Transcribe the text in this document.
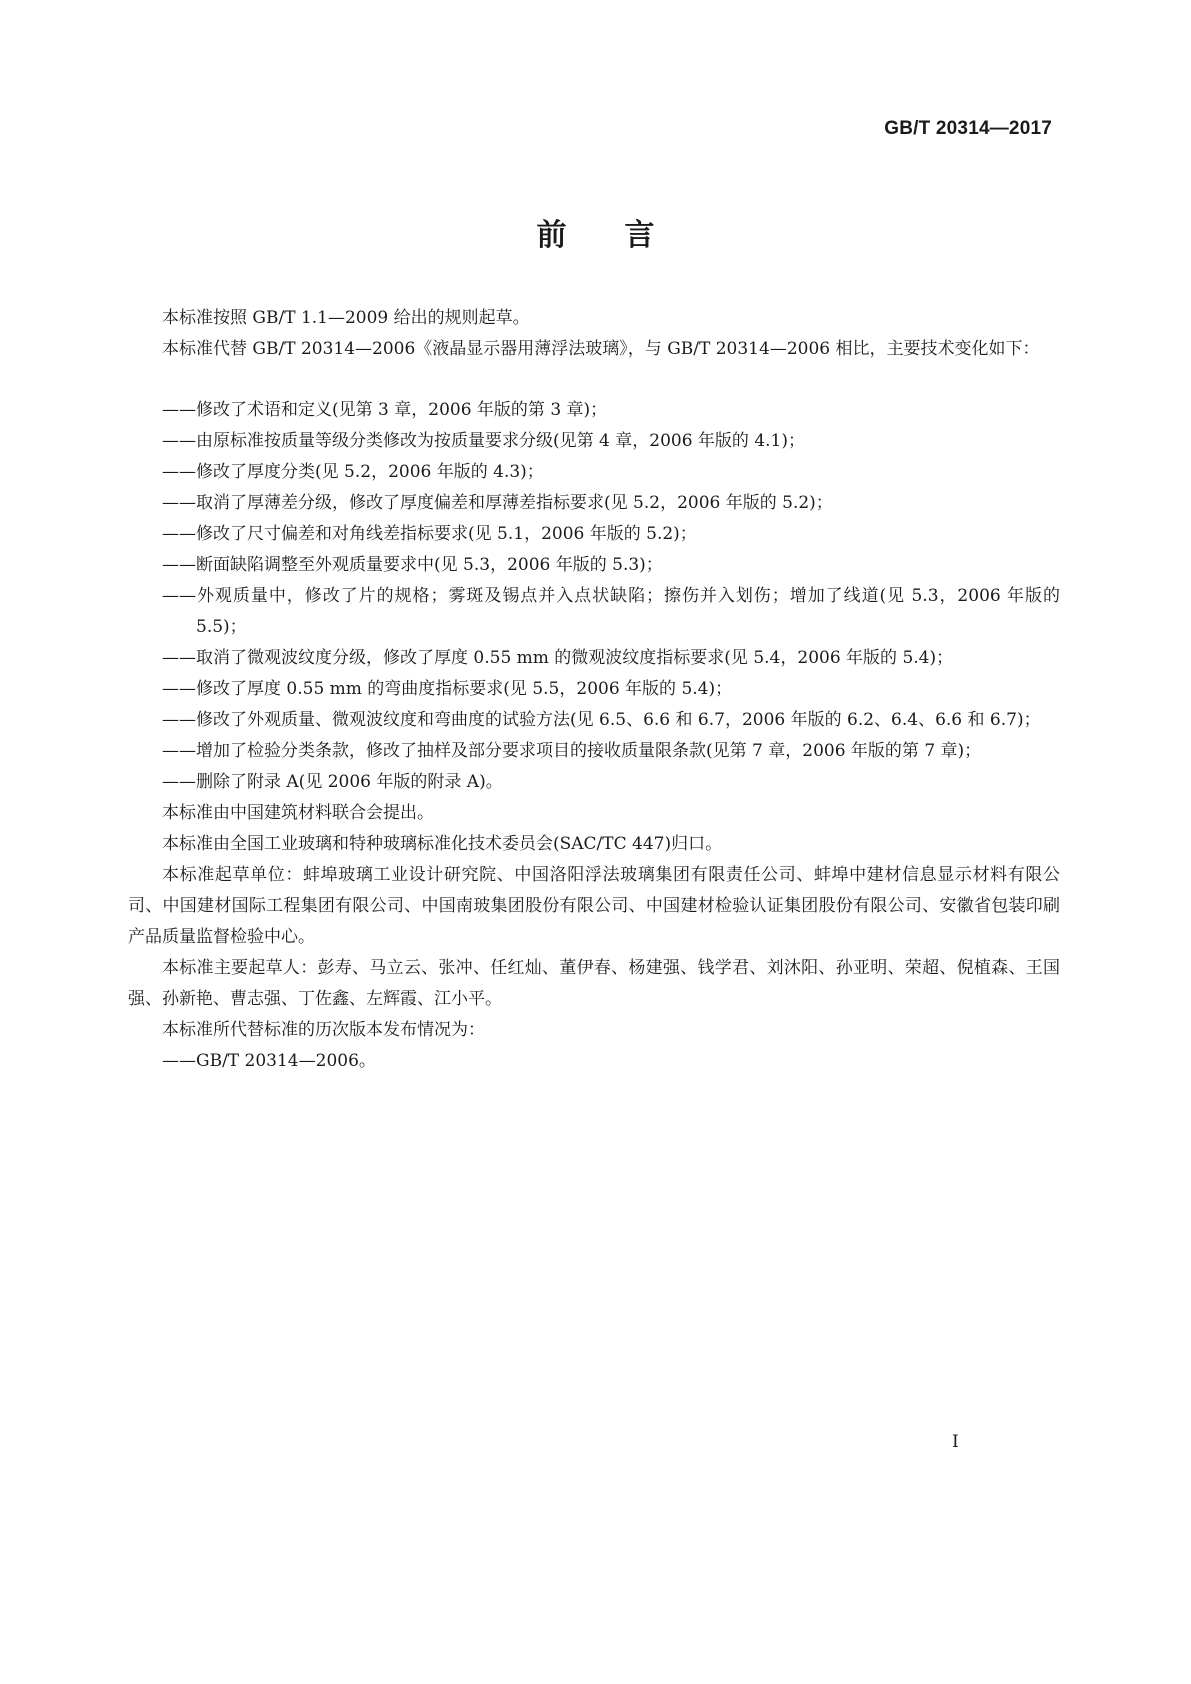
GB/T 20314—2017
前言

本标准按照 GB/T 1.1—2009 给出的规则起草。

本标准代替 GB/T 20314—2006《液晶显示器用薄浮法玻璃》，与 GB/T 20314—2006 相比，主要技术变化如下：

——修改了术语和定义(见第 3 章，2006 年版的第 3 章)；

——由原标准按质量等级分类修改为按质量要求分级(见第 4 章，2006 年版的 4.1)；

——修改了厚度分类(见 5.2，2006 年版的 4.3)；

——取消了厚薄差分级，修改了厚度偏差和厚薄差指标要求(见 5.2，2006 年版的 5.2)；

——修改了尺寸偏差和对角线差指标要求(见 5.1，2006 年版的 5.2)；

——断面缺陷调整至外观质量要求中(见 5.3，2006 年版的 5.3)；

——外观质量中，修改了片的规格；雾斑及锡点并入点状缺陷；擦伤并入划伤；增加了线道(见 5.3，2006 年版的 5.5)；

——取消了微观波纹度分级，修改了厚度 0.55 mm 的微观波纹度指标要求(见 5.4，2006 年版的 5.4)；

——修改了厚度 0.55 mm 的弯曲度指标要求(见 5.5，2006 年版的 5.4)；

——修改了外观质量、微观波纹度和弯曲度的试验方法(见 6.5、6.6 和 6.7，2006 年版的 6.2、6.4、6.6 和 6.7)；

——增加了检验分类条款，修改了抽样及部分要求项目的接收质量限条款(见第 7 章，2006 年版的第 7 章)；

——删除了附录 A(见 2006 年版的附录 A)。

本标准由中国建筑材料联合会提出。

本标准由全国工业玻璃和特种玻璃标准化技术委员会(SAC/TC 447)归口。

本标准起草单位：蚌埠玻璃工业设计研究院、中国洛阳浮法玻璃集团有限责任公司、蚌埠中建材信息显示材料有限公司、中国建材国际工程集团有限公司、中国南玻集团股份有限公司、中国建材检验认证集团股份有限公司、安徽省包装印刷产品质量监督检验中心。

本标准主要起草人：彭寿、马立云、张冲、任红灿、董伊春、杨建强、钱学君、刘沐阳、孙亚明、荣超、倪植森、王国强、孙新艳、曹志强、丁佐鑫、左辉霞、江小平。

本标准所代替标准的历次版本发布情况为：

——GB/T 20314—2006。

I
